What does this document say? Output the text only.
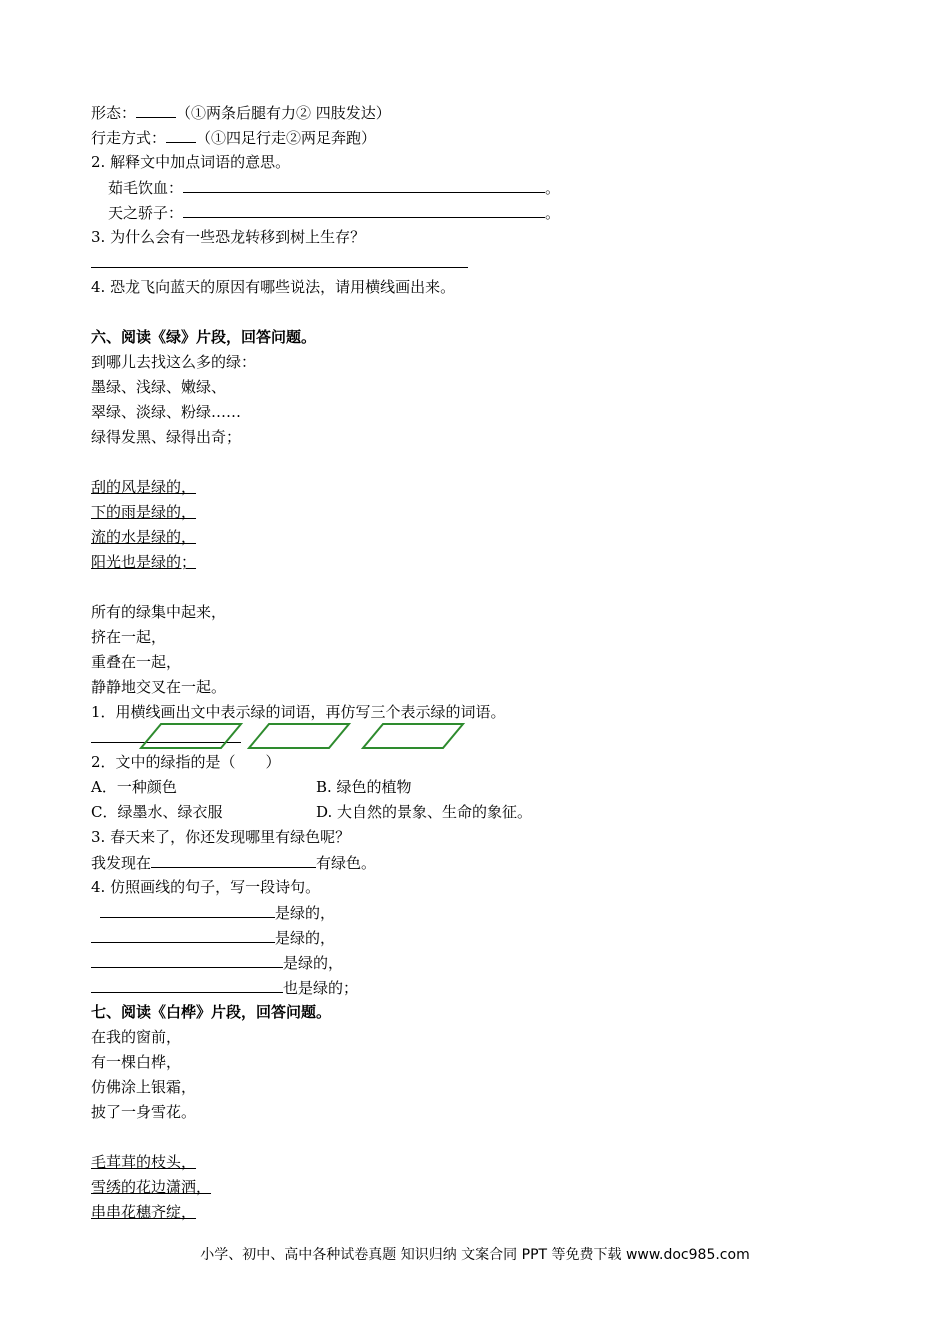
形态：	（①两条后腿有力② 四肢发达）
行走方式： （①四足行走②两足奔跑）
2. 解释文中加点词语的意思。
茹毛饮血：	。
天之骄子：	。
3. 为什么会有一些恐龙转移到树上生存？
4. 恐龙飞向蓝天的原因有哪些说法，请用横线画出来。
六、阅读《绿》片段，回答问题。
到哪儿去找这么多的绿：
墨绿、浅绿、嫩绿、
翠绿、淡绿、粉绿……
绿得发黑、绿得出奇；
刮的风是绿的，
下的雨是绿的，
流的水是绿的，
阳光也是绿的；
所有的绿集中起来，
挤在一起，
重叠在一起，
静静地交叉在一起。
1．用横线画出文中表示绿的词语，再仿写三个表示绿的词语。
2．文中的绿指的是（　　）
A．一种颜色	B. 绿色的植物
C．绿墨水、绿衣服	D. 大自然的景象、生命的象征。
3. 春天来了，你还发现哪里有绿色呢？
我发现在	有绿色。
4. 仿照画线的句子，写一段诗句。
是绿的，
是绿的，
是绿的，
也是绿的；
七、阅读《白桦》片段，回答问题。
在我的窗前，
有一棵白桦，
仿佛涂上银霜，
披了一身雪花。
毛茸茸的枝头，
雪绣的花边潇洒，
串串花穗齐绽，
小学、初中、高中各种试卷真题 知识归纳 文案合同 PPT 等免费下载 www.doc985.com
